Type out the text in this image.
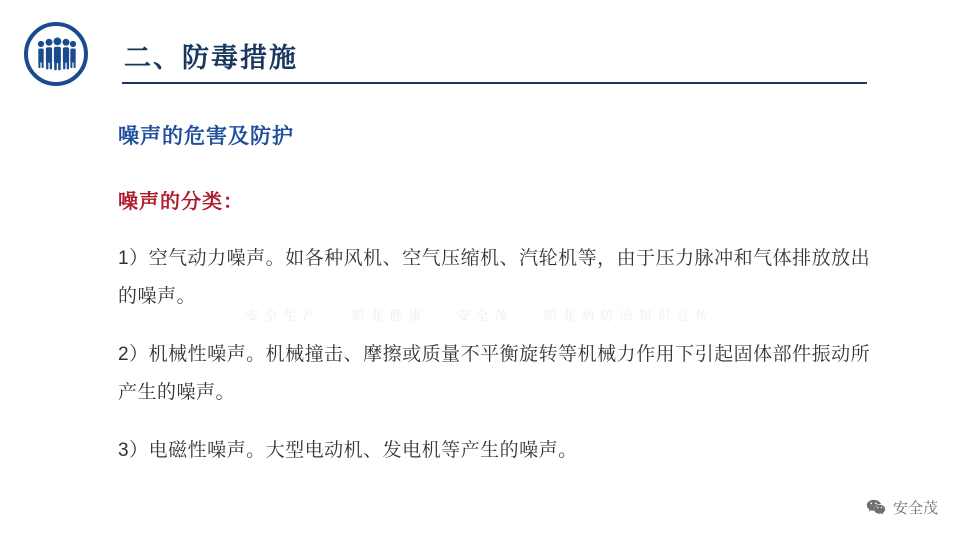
二、防毒措施
噪声的危害及防护
噪声的分类：
安全生产 · 职业健康 · 安全茂 · 职业病防治知识宣传
1）空气动力噪声。如各种风机、空气压缩机、汽轮机等，由于压力脉冲和气体排放放出的噪声。
2）机械性噪声。机械撞击、摩擦或质量不平衡旋转等机械力作用下引起固体部件振动所产生的噪声。
3）电磁性噪声。大型电动机、发电机等产生的噪声。
安全茂
